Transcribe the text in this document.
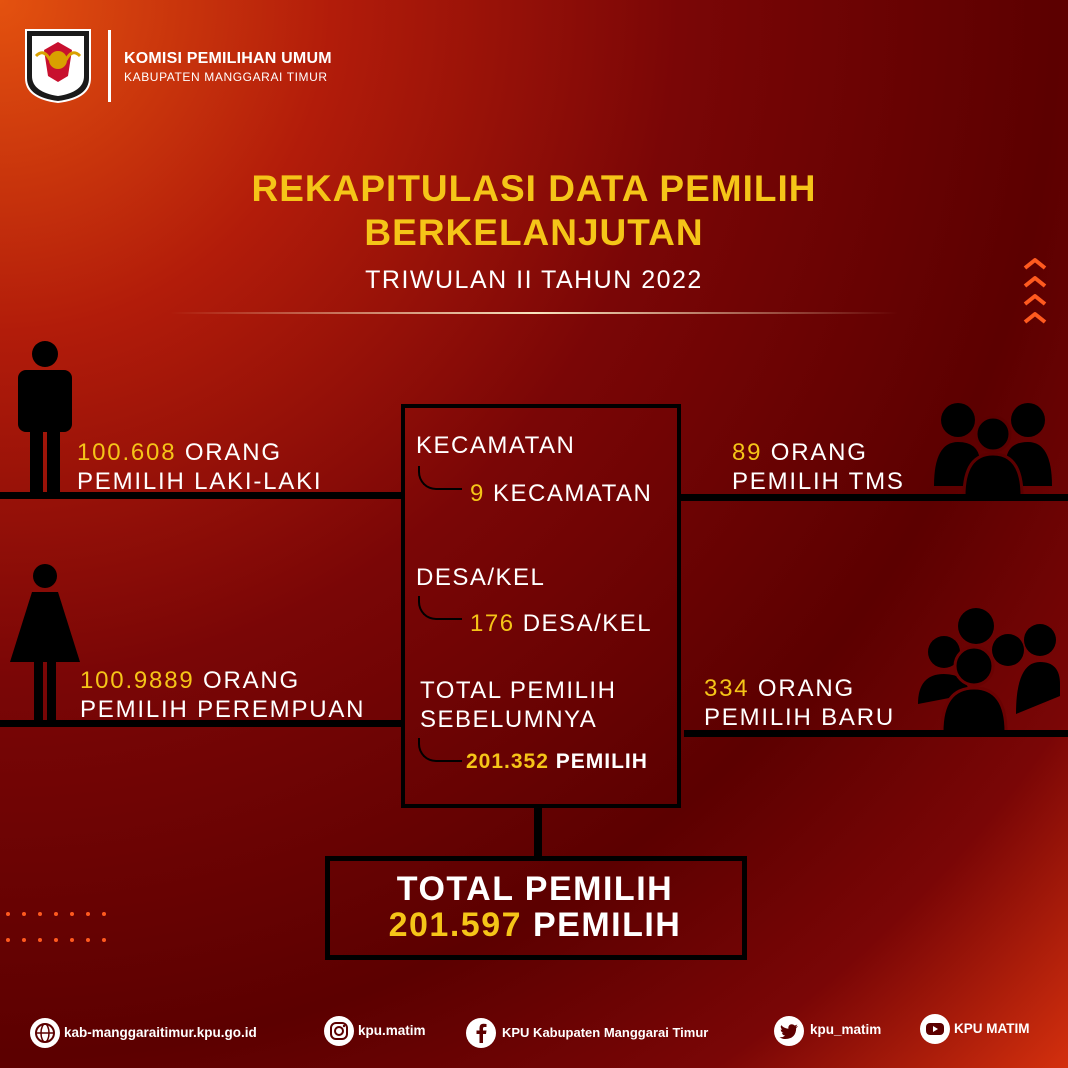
KOMISI PEMILIHAN UMUM
KABUPATEN MANGGARAI TIMUR
REKAPITULASI DATA PEMILIH
BERKELANJUTAN
TRIWULAN II TAHUN 2022
100.608 ORANG
PEMILIH LAKI-LAKI
100.9889 ORANG
PEMILIH PEREMPUAN
89 ORANG
PEMILIH TMS
334 ORANG
PEMILIH BARU
KECAMATAN
9 KECAMATAN
DESA/KEL
176 DESA/KEL
TOTAL PEMILIH
SEBELUMNYA
201.352 PEMILIH
TOTAL PEMILIH
201.597 PEMILIH
kab-manggaraitimur.kpu.go.id	kpu.matim	KPU Kabupaten Manggarai Timur	kpu_matim	KPU MATIM
